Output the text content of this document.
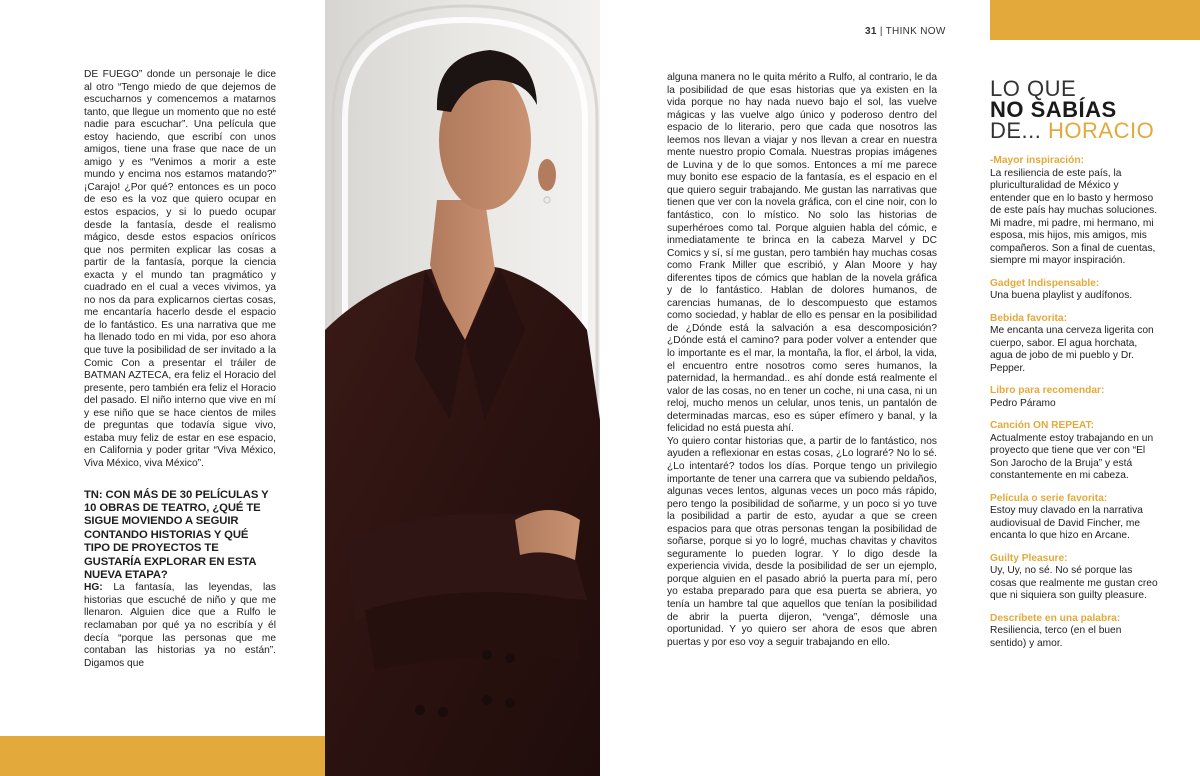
DE FUEGO” donde un personaje le dice al otro “Tengo miedo de que dejemos de escucharnos y comencemos a matarnos tanto, que llegue un momento que no esté nadie para escuchar”. Una película que estoy haciendo, que escribí con unos amigos, tiene una frase que nace de un amigo y es “Venimos a morir a este mundo y encima nos estamos matando?” ¡Carajo! ¿Por qué? entonces es un poco de eso es la voz que quiero ocupar en estos espacios, y si lo puedo ocupar desde la fantasía, desde el realismo mágico, desde estos espacios oníricos que nos permiten explicar las cosas a partir de la fantasía, porque la ciencia exacta y el mundo tan pragmático y cuadrado en el cual a veces vivimos, ya no nos da para explicarnos ciertas cosas, me encantaría hacerlo desde el espacio de lo fantástico. Es una narrativa que me ha llenado todo en mi vida, por eso ahora que tuve la posibilidad de ser invitado a la Comic Con a presentar el tráiler de BATMAN AZTECA, era feliz el Horacio del presente, pero también era feliz el Horacio del pasado. El niño interno que vive en mí y ese niño que se hace cientos de miles de preguntas que todavía sigue vivo, estaba muy feliz de estar en ese espacio, en California y poder gritar “Viva México, Viva México, viva México”.

TN: CON MÁS DE 30 PELÍCULAS Y 10 OBRAS DE TEATRO, ¿QUÉ TE SIGUE MOVIENDO A SEGUIR CONTANDO HISTORIAS Y QUÉ TIPO DE PROYECTOS TE GUSTARÍA EXPLORAR EN ESTA NUEVA ETAPA?

HG: La fantasía, las leyendas, las historias que escuché de niño y que me llenaron. Alguien dice que a Rulfo le reclamaban por qué ya no escribía y él decía “porque las personas que me contaban las historias ya no están”. Digamos que

31 | THINK NOW

alguna manera no le quita mérito a Rulfo, al contrario, le da la posibilidad de que esas historias que ya existen en la vida porque no hay nada nuevo bajo el sol, las vuelve mágicas y las vuelve algo único y poderoso dentro del espacio de lo literario, pero que cada que nosotros las leemos nos llevan a viajar y nos llevan a crear en nuestra mente nuestro propio Comala. Nuestras propias imágenes de Luvina y de lo que somos. Entonces a mí me parece muy bonito ese espacio de la fantasía, es el espacio en el que quiero seguir trabajando. Me gustan las narrativas que tienen que ver con la novela gráfica, con el cine noir, con lo fantástico, con lo místico. No solo las historias de superhéroes como tal. Porque alguien habla del cómic, e inmediatamente te brinca en la cabeza Marvel y DC Comics y sí, sí me gustan, pero también hay muchas cosas como Frank Miller que escribió, y Alan Moore y hay diferentes tipos de cómics que hablan de la novela gráfica y de lo fantástico. Hablan de dolores humanos, de carencias humanas, de lo descompuesto que estamos como sociedad, y hablar de ello es pensar en la posibilidad de ¿Dónde está la salvación a esa descomposición? ¿Dónde está el camino? para poder volver a entender que lo importante es el mar, la montaña, la flor, el árbol, la vida, el encuentro entre nosotros como seres humanos, la paternidad, la hermandad.. es ahí donde está realmente el valor de las cosas, no en tener un coche, ni una casa, ni un reloj, mucho menos un celular, unos tenis, un pantalón de determinadas marcas, eso es súper efímero y banal, y la felicidad no está puesta ahí.

Yo quiero contar historias que, a partir de lo fantástico, nos ayuden a reflexionar en estas cosas, ¿Lo lograré? No lo sé. ¿Lo intentaré? todos los días. Porque tengo un privilegio importante de tener una carrera que va subiendo peldaños, algunas veces lentos, algunas veces un poco más rápido, pero tengo la posibilidad de soñarme, y un poco si yo tuve la posibilidad a partir de esto, ayudar a que se creen espacios para que otras personas tengan la posibilidad de soñarse, porque si yo lo logré, muchas chavitas y chavitos seguramente lo pueden lograr. Y lo digo desde la experiencia vivida, desde la posibilidad de ser un ejemplo, porque alguien en el pasado abrió la puerta para mí, pero yo estaba preparado para que esa puerta se abriera, yo tenía un hambre tal que aquellos que tenían la posibilidad de abrir la puerta dijeron, “venga”, démosle una oportunidad. Y yo quiero ser ahora de esos que abren puertas y por eso voy a seguir trabajando en ello.

LO QUE
NO SABÍAS
DE... HORACIO
-Mayor inspiración:
La resiliencia de este país, la pluriculturalidad de México y entender que en lo basto y hermoso de este país hay muchas soluciones. Mi madre, mi padre, mi hermano, mi esposa, mis hijos, mis amigos, mis compañeros. Son a final de cuentas, siempre mi mayor inspiración.
Gadget Indispensable:
Una buena playlist y audífonos.
Bebida favorita:
Me encanta una cerveza ligerita con cuerpo, sabor. El agua horchata, agua de jobo de mi pueblo y Dr. Pepper.
Libro para recomendar:
Pedro Páramo
Canción ON REPEAT:
Actualmente estoy trabajando en un proyecto que tiene que ver con “El Son Jarocho de la Bruja” y está constantemente en mi cabeza.
Película o serie favorita:
Estoy muy clavado en la narrativa audiovisual de David Fincher, me encanta lo que hizo en Arcane.
Guilty Pleasure:
Uy, Uy, no sé. No sé porque las cosas que realmente me gustan creo que ni siquiera son guilty pleasure.
Descríbete en una palabra:
Resiliencia, terco (en el buen sentido) y amor.
